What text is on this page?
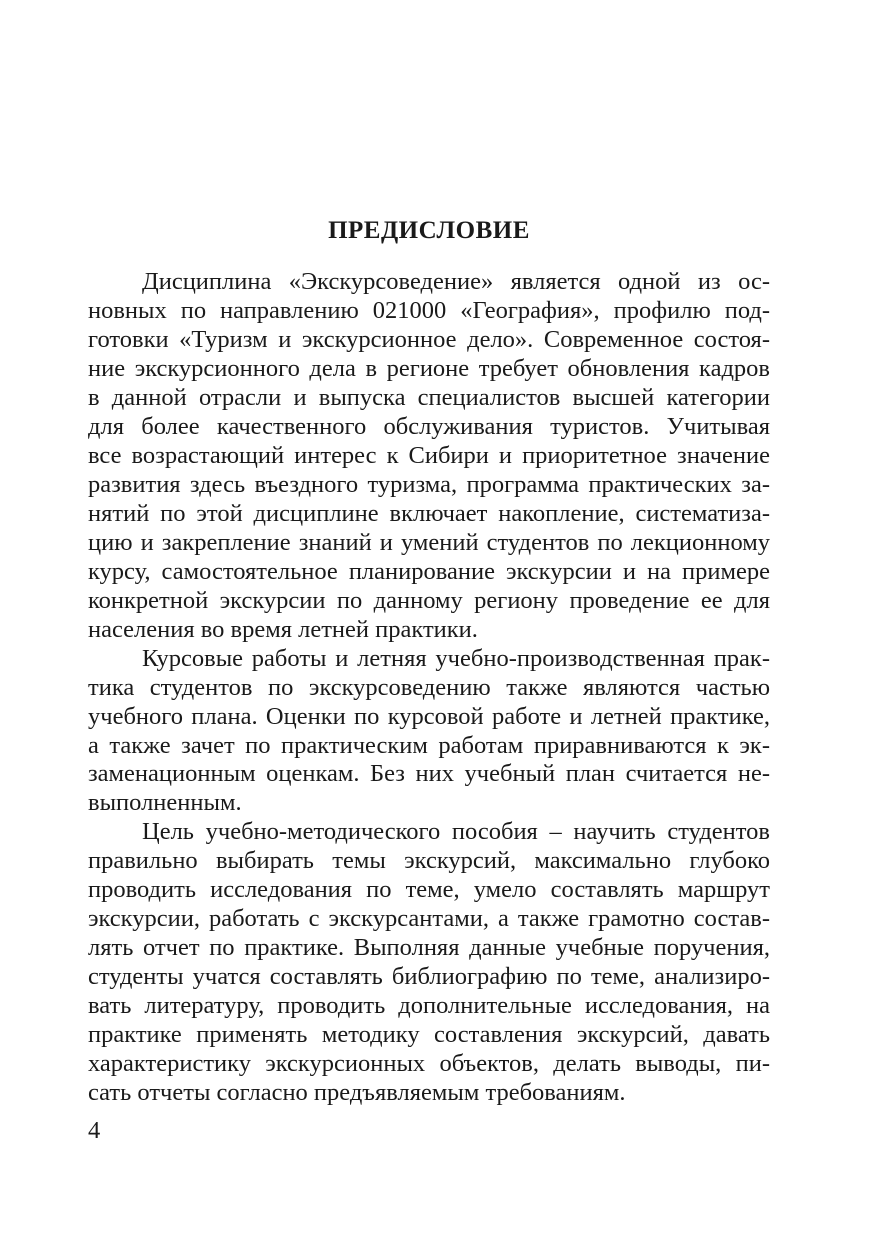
ПРЕДИСЛОВИЕ
Дисциплина «Экскурсоведение» является одной из ос-
новных по направлению 021000 «География», профилю под-
готовки «Туризм и экскурсионное дело». Современное состоя-
ние экскурсионного дела в регионе требует обновления кадров
в данной отрасли и выпуска специалистов высшей категории
для более качественного обслуживания туристов. Учитывая
все возрастающий интерес к Сибири и приоритетное значение
развития здесь въездного туризма, программа практических за-
нятий по этой дисциплине включает накопление, систематиза-
цию и закрепление знаний и умений студентов по лекционному
курсу, самостоятельное планирование экскурсии и на примере
конкретной экскурсии по данному региону проведение ее для
населения во время летней практики.
Курсовые работы и летняя учебно-производственная прак-
тика студентов по экскурсоведению также являются частью
учебного плана. Оценки по курсовой работе и летней практике,
а также зачет по практическим работам приравниваются к эк-
заменационным оценкам. Без них учебный план считается не-
выполненным.
Цель учебно-методического пособия – научить студентов
правильно выбирать темы экскурсий, максимально глубоко
проводить исследования по теме, умело составлять маршрут
экскурсии, работать с экскурсантами, а также грамотно состав-
лять отчет по практике. Выполняя данные учебные поручения,
студенты учатся составлять библиографию по теме, анализиро-
вать литературу, проводить дополнительные исследования, на
практике применять методику составления экскурсий, давать
характеристику экскурсионных объектов, делать выводы, пи-
сать отчеты согласно предъявляемым требованиям.
4
